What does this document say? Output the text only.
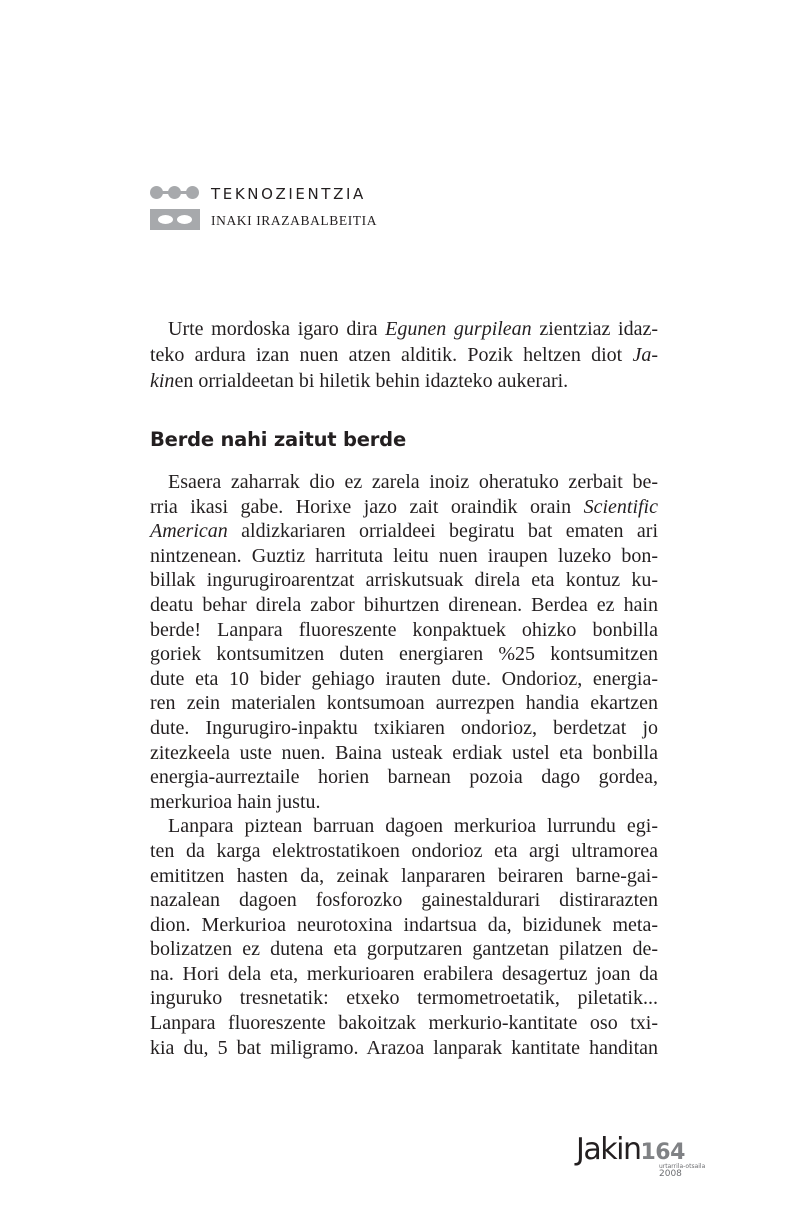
TEKNOZIENTZIA
INAKI IRAZABALBEITIA
Urte mordoska igaro dira Egunen gurpilean zientziaz idaz-
teko ardura izan nuen atzen alditik. Pozik heltzen diot Ja-
kinen orrialdeetan bi hiletik behin idazteko aukerari.
Berde nahi zaitut berde
Esaera zaharrak dio ez zarela inoiz oheratuko zerbait be-
rria ikasi gabe. Horixe jazo zait oraindik orain Scientific
American aldizkariaren orrialdeei begiratu bat ematen ari
nintzenean. Guztiz harrituta leitu nuen iraupen luzeko bon-
billak ingurugiroarentzat arriskutsuak direla eta kontuz ku-
deatu behar direla zabor bihurtzen direnean. Berdea ez hain
berde! Lanpara fluoreszente konpaktuek ohizko bonbilla
goriek kontsumitzen duten energiaren %25 kontsumitzen
dute eta 10 bider gehiago irauten dute. Ondorioz, energia-
ren zein materialen kontsumoan aurrezpen handia ekartzen
dute. Ingurugiro-inpaktu txikiaren ondorioz, berdetzat jo
zitezkeela uste nuen. Baina usteak erdiak ustel eta bonbilla
energia-aurreztaile horien barnean pozoia dago gordea,
merkurioa hain justu.
Lanpara piztean barruan dagoen merkurioa lurrundu egi-
ten da karga elektrostatikoen ondorioz eta argi ultramorea
emititzen hasten da, zeinak lanpararen beiraren barne-gai-
nazalean dagoen fosforozko gainestaldurari distirarazten
dion. Merkurioa neurotoxina indartsua da, bizidunek meta-
bolizatzen ez dutena eta gorputzaren gantzetan pilatzen de-
na. Hori dela eta, merkurioaren erabilera desagertuz joan da
inguruko tresnetatik: etxeko termometroetatik, piletatik...
Lanpara fluoreszente bakoitzak merkurio-kantitate oso txi-
kia du, 5 bat miligramo. Arazoa lanparak kantitate handitan
Jakin164
urtarrila-otsaila
2008
